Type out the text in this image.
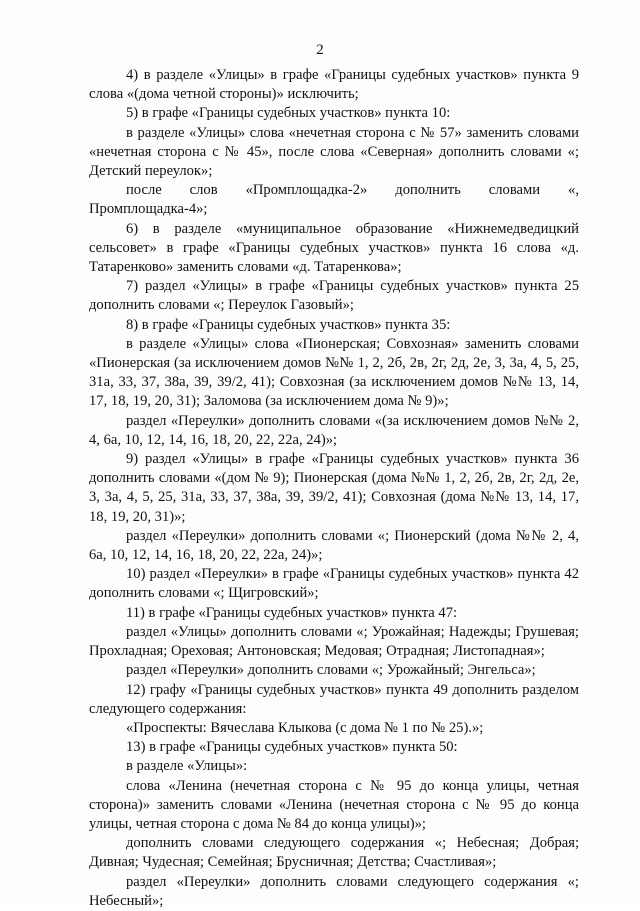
2

4) в разделе «Улицы» в графе «Границы судебных участков» пункта 9 слова «(дома четной стороны)» исключить;

5) в графе «Границы судебных участков» пункта 10:

в разделе «Улицы» слова «нечетная сторона с № 57» заменить словами «нечетная сторона с № 45», после слова «Северная» дополнить словами «; Детский переулок»;

после слов «Промплощадка-2» дополнить словами «, Промплощадка-4»;

6) в разделе «муниципальное образование «Нижнемедведицкий сельсовет» в графе «Границы судебных участков» пункта 16 слова «д. Татаренково» заменить словами «д. Татаренкова»;

7) раздел «Улицы» в графе «Границы судебных участков» пункта 25 дополнить словами «; Переулок Газовый»;

8) в графе «Границы судебных участков» пункта 35:

в разделе «Улицы» слова «Пионерская; Совхозная» заменить словами «Пионерская (за исключением домов №№ 1, 2, 2б, 2в, 2г, 2д, 2е, 3, 3а, 4, 5, 25, 31а, 33, 37, 38а, 39, 39/2, 41); Совхозная (за исключением домов №№ 13, 14, 17, 18, 19, 20, 31); Заломова (за исключением дома № 9)»;

раздел «Переулки» дополнить словами «(за исключением домов №№ 2, 4, 6а, 10, 12, 14, 16, 18, 20, 22, 22а, 24)»;

9) раздел «Улицы» в графе «Границы судебных участков» пункта 36 дополнить словами «(дом № 9); Пионерская (дома №№ 1, 2, 2б, 2в, 2г, 2д, 2е, 3, 3а, 4, 5, 25, 31а, 33, 37, 38а, 39, 39/2, 41); Совхозная (дома №№ 13, 14, 17, 18, 19, 20, 31)»;

раздел «Переулки» дополнить словами «; Пионерский (дома №№ 2, 4, 6а, 10, 12, 14, 16, 18, 20, 22, 22а, 24)»;

10) раздел «Переулки» в графе «Границы судебных участков» пункта 42 дополнить словами «; Щигровский»;

11) в графе «Границы судебных участков» пункта 47:

раздел «Улицы» дополнить словами «; Урожайная; Надежды; Грушевая; Прохладная; Ореховая; Антоновская; Медовая; Отрадная; Листопадная»;

раздел «Переулки» дополнить словами «; Урожайный; Энгельса»;

12) графу «Границы судебных участков» пункта 49 дополнить разделом следующего содержания:

«Проспекты: Вячеслава Клыкова (с дома № 1 по № 25).»;

13) в графе «Границы судебных участков» пункта 50:

в разделе «Улицы»:

слова «Ленина (нечетная сторона с № 95 до конца улицы, четная сторона)» заменить словами «Ленина (нечетная сторона с № 95 до конца улицы, четная сторона с дома № 84 до конца улицы)»;

дополнить словами следующего содержания «; Небесная; Добрая; Дивная; Чудесная; Семейная; Брусничная; Детства; Счастливая»;

раздел «Переулки» дополнить словами следующего содержания «; Небесный»;
